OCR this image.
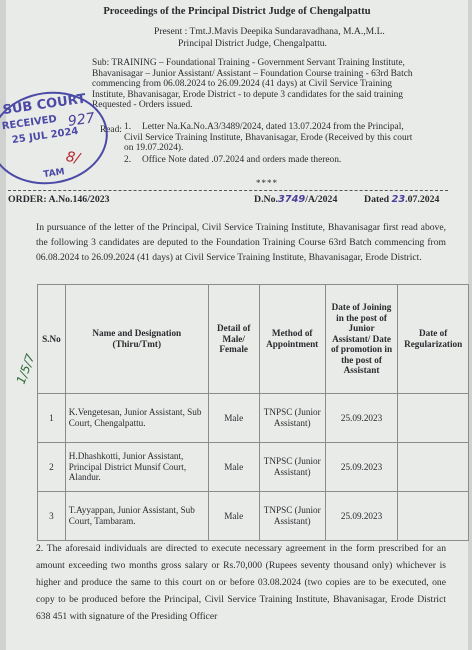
Proceedings of the Principal District Judge of Chengalpattu
Present : Tmt.J.Mavis Deepika Sundaravadhana, M.A.,M.L.
Principal District Judge, Chengalpattu.
Sub: TRAINING – Foundational Training - Government Servant Training Institute, Bhavanisagar – Junior Assistant/ Assistant – Foundation Course training - 63rd Batch commencing from 06.08.2024 to 26.09.2024 (41 days) at Civil Service Training Institute, Bhavanisagar, Erode District - to depute 3 candidates for the said training Requested - Orders issued.
Read: 1. Letter Na.Ka.No.A3/3489/2024, dated 13.07.2024 from the Principal, Civil Service Training Institute, Bhavanisagar, Erode (Received by this court on 19.07.2024).
2. Office Note dated .07.2024 and orders made thereon.
****
ORDER: A.No.146/2023	D.No.3749/A/2024	Dated 23.07.2024
In pursuance of the letter of the Principal, Civil Service Training Institute, Bhavanisagar first read above, the following 3 candidates are deputed to the Foundation Training Course 63rd Batch commencing from 06.08.2024 to 26.09.2024 (41 days) at Civil Service Training Institute, Bhavanisagar, Erode District.
S.No	Name and Designation (Thiru/Tmt)	Detail of Male/ Female	Method of Appointment	Date of Joining in the post of Junior Assistant/ Date of promotion in the post of Assistant	Date of Regularization
1	K.Vengetesan, Junior Assistant, Sub Court, Chengalpattu.	Male	TNPSC (Junior Assistant)	25.09.2023	
2	H.Dhashkotti, Junior Assistant, Principal District Munsif Court, Alandur.	Male	TNPSC (Junior Assistant)	25.09.2023	
3	T.Ayyappan, Junior Assistant, Sub Court, Tambaram.	Male	TNPSC (Junior Assistant)	25.09.2023	
2. The aforesaid individuals are directed to execute necessary agreement in the form prescribed for an amount exceeding two months gross salary or Rs.70,000 (Rupees seventy thousand only) whichever is higher and produce the same to this court on or before 03.08.2024 (two copies are to be executed, one copy to be produced before the Principal, Civil Service Training Institute, Bhavanisagar, Erode District 638 451 with signature of the Presiding Officer
SUB COURT
RECEIVED
25 JUL 2024
TAM
927
8/
1/5/7
